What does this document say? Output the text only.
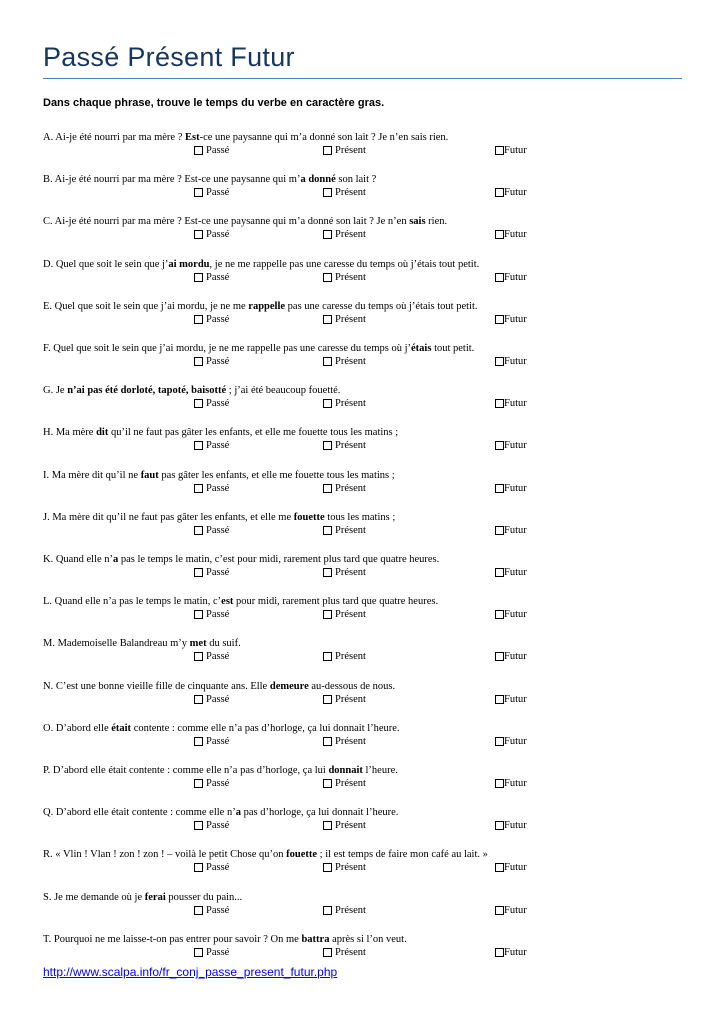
Passé Présent Futur
Dans chaque phrase, trouve le temps du verbe en caractère gras.
A. Ai-je été nourri par ma mère ? Est-ce une paysanne qui m’a donné son lait ? Je n’en sais rien.
Passé	Présent	Futur
B. Ai-je été nourri par ma mère ? Est-ce une paysanne qui m’a donné son lait ?
Passé	Présent	Futur
C. Ai-je été nourri par ma mère ? Est-ce une paysanne qui m’a donné son lait ? Je n’en sais rien.
Passé	Présent	Futur
D. Quel que soit le sein que j’ai mordu, je ne me rappelle pas une caresse du temps où j’étais tout petit.
Passé	Présent	Futur
E. Quel que soit le sein que j’ai mordu, je ne me rappelle pas une caresse du temps où j’étais tout petit.
Passé	Présent	Futur
F. Quel que soit le sein que j’ai mordu, je ne me rappelle pas une caresse du temps où j’étais tout petit.
Passé	Présent	Futur
G. Je n’ai pas été dorloté, tapoté, baisotté ; j’ai été beaucoup fouetté.
Passé	Présent	Futur
H. Ma mère dit qu’il ne faut pas gâter les enfants, et elle me fouette tous les matins ;
Passé	Présent	Futur
I. Ma mère dit qu’il ne faut pas gâter les enfants, et elle me fouette tous les matins ;
Passé	Présent	Futur
J. Ma mère dit qu’il ne faut pas gâter les enfants, et elle me fouette tous les matins ;
Passé	Présent	Futur
K. Quand elle n’a pas le temps le matin, c’est pour midi, rarement plus tard que quatre heures.
Passé	Présent	Futur
L. Quand elle n’a pas le temps le matin, c’est pour midi, rarement plus tard que quatre heures.
Passé	Présent	Futur
M. Mademoiselle Balandreau m’y met du suif.
Passé	Présent	Futur
N. C’est une bonne vieille fille de cinquante ans. Elle demeure au-dessous de nous.
Passé	Présent	Futur
O. D’abord elle était contente : comme elle n’a pas d’horloge, ça lui donnait l’heure.
Passé	Présent	Futur
P. D’abord elle était contente : comme elle n’a pas d’horloge, ça lui donnait l’heure.
Passé	Présent	Futur
Q. D’abord elle était contente : comme elle n’a pas d’horloge, ça lui donnait l’heure.
Passé	Présent	Futur
R. « Vlin ! Vlan ! zon ! zon ! – voilà le petit Chose qu’on fouette ; il est temps de faire mon café au lait. »
Passé	Présent	Futur
S. Je me demande où je ferai pousser du pain...
Passé	Présent	Futur
T. Pourquoi ne me laisse-t-on pas entrer pour savoir ? On me battra après si l’on veut.
Passé	Présent	Futur
http://www.scalpa.info/fr_conj_passe_present_futur.php
